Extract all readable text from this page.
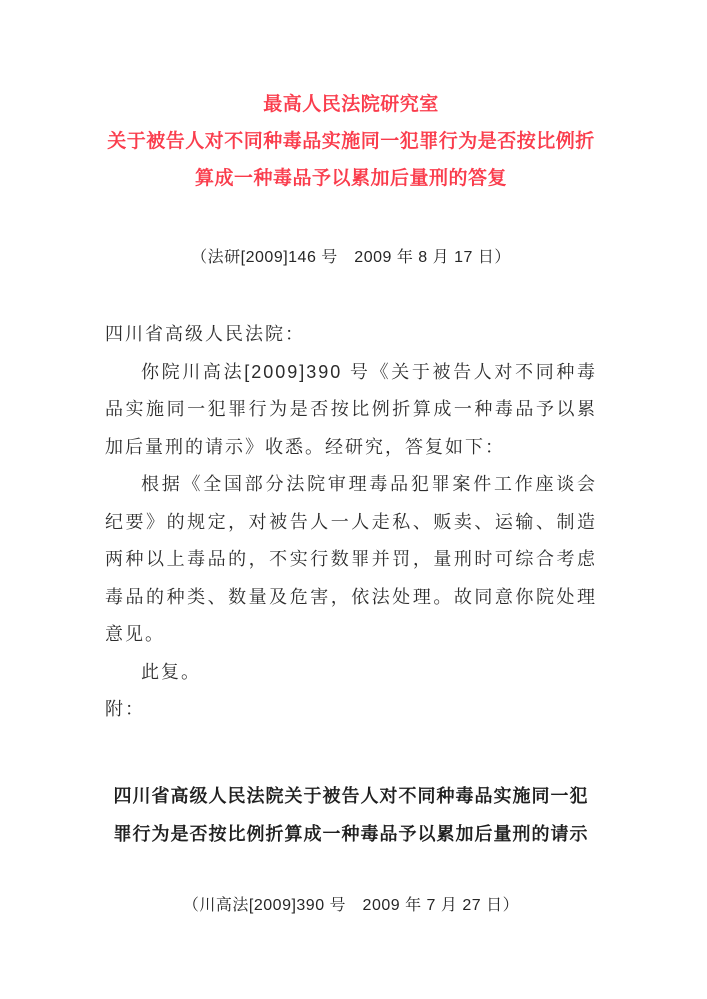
最高人民法院研究室
关于被告人对不同种毒品实施同一犯罪行为是否按比例折
算成一种毒品予以累加后量刑的答复
（法研[2009]146 号　2009 年 8 月 17 日）
四川省高级人民法院：
你院川高法[2009]390 号《关于被告人对不同种毒品实施同一犯罪行为是否按比例折算成一种毒品予以累加后量刑的请示》收悉。经研究，答复如下：
根据《全国部分法院审理毒品犯罪案件工作座谈会纪要》的规定，对被告人一人走私、贩卖、运输、制造两种以上毒品的，不实行数罪并罚，量刑时可综合考虑毒品的种类、数量及危害，依法处理。故同意你院处理意见。
此复。
附：
四川省高级人民法院关于被告人对不同种毒品实施同一犯
罪行为是否按比例折算成一种毒品予以累加后量刑的请示
（川高法[2009]390 号　2009 年 7 月 27 日）
